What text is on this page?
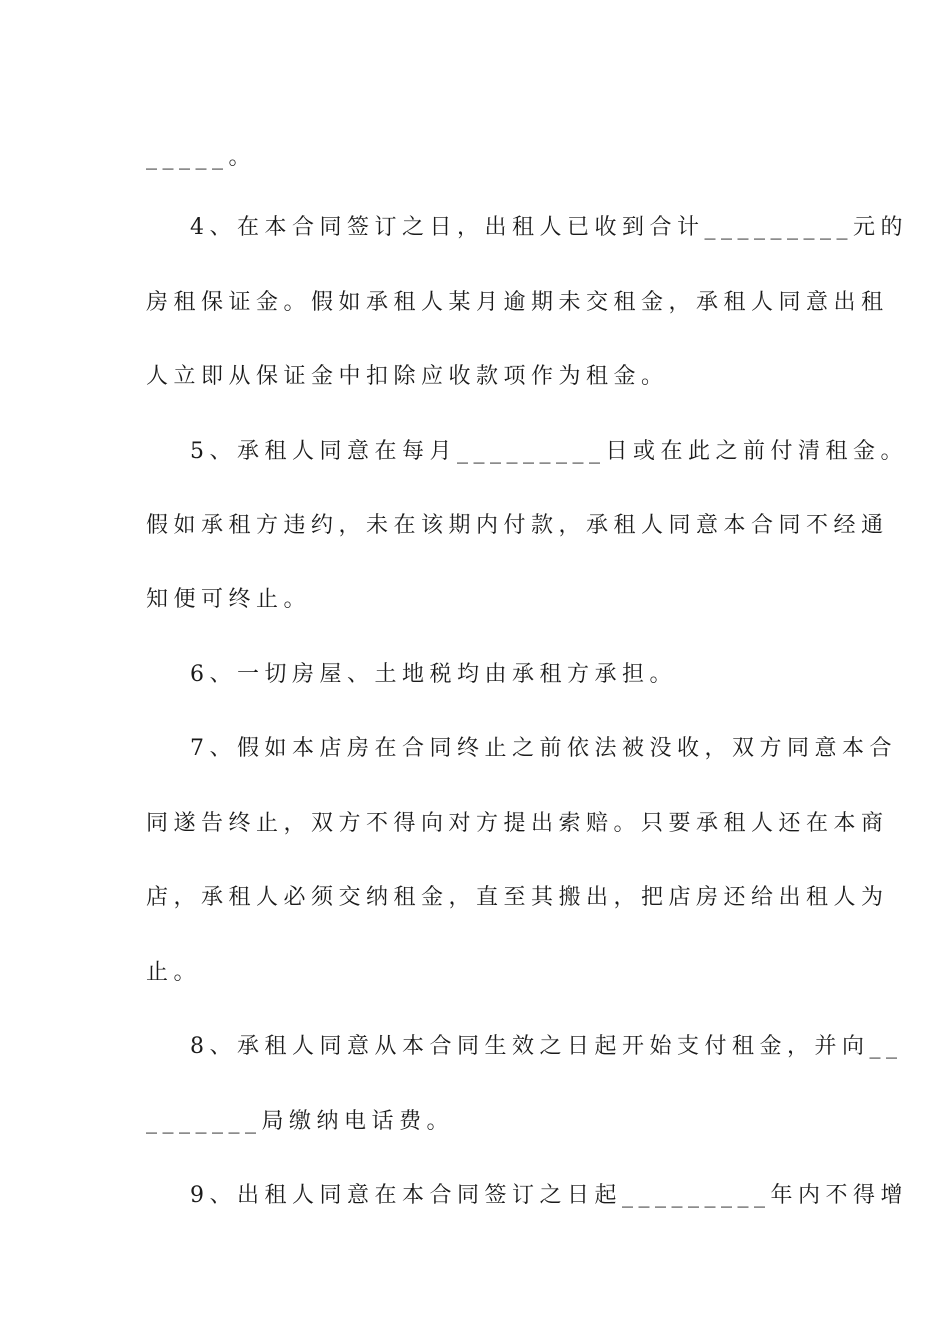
_____。
4、在本合同签订之日，出租人已收到合计_________元的
房租保证金。假如承租人某月逾期未交租金，承租人同意出租
人立即从保证金中扣除应收款项作为租金。
5、承租人同意在每月_________日或在此之前付清租金。
假如承租方违约，未在该期内付款，承租人同意本合同不经通
知便可终止。
6、一切房屋、土地税均由承租方承担。
7、假如本店房在合同终止之前依法被没收，双方同意本合
同遂告终止，双方不得向对方提出索赔。只要承租人还在本商
店，承租人必须交纳租金，直至其搬出，把店房还给出租人为
止。
8、承租人同意从本合同生效之日起开始支付租金，并向__
_______局缴纳电话费。
9、出租人同意在本合同签订之日起_________年内不得增
